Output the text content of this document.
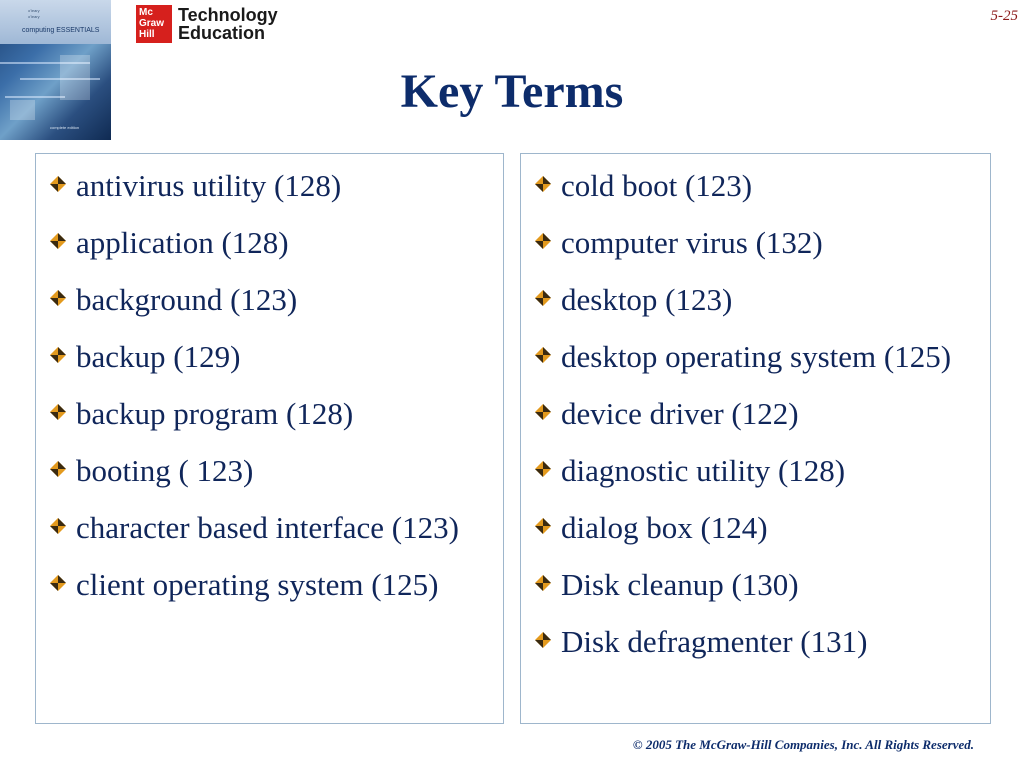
o'leary
o'leary
computing ESSENTIALS
complete edition
Mc
Graw
Hill
Technology
Education
5-25
Key Terms
antivirus utility (128)
application (128)
background (123)
backup (129)
backup program (128)
booting ( 123)
character based interface (123)
client operating system (125)
cold boot (123)
computer virus (132)
desktop (123)
desktop operating system (125)
device driver (122)
diagnostic utility (128)
dialog box (124)
Disk cleanup (130)
Disk defragmenter (131)
© 2005 The McGraw-Hill Companies, Inc. All Rights Reserved.
